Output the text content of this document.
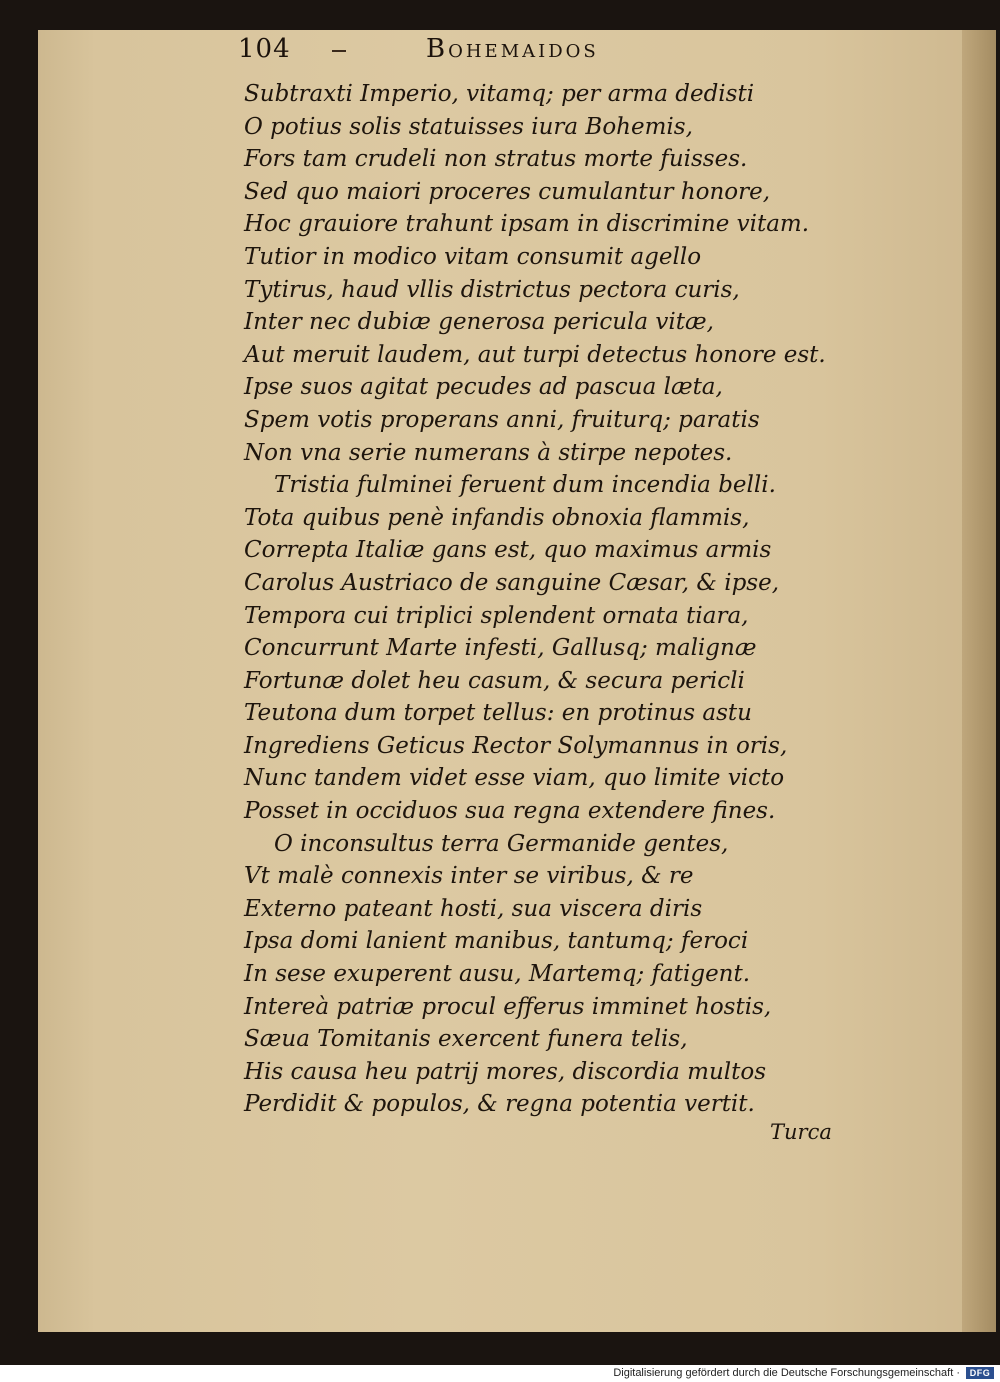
104	Bohemaidos
Subtraxti Imperio, vitamq; per arma dedisti
O potius solis statuisses iura Bohemis,
Fors tam crudeli non stratus morte fuisses.
Sed quo maiori proceres cumulantur honore,
Hoc grauiore trahunt ipsam in discrimine vitam.
Tutior in modico vitam consumit agello
Tytirus, haud vllis districtus pectora curis,
Inter nec dubiæ generosa pericula vitæ,
Aut meruit laudem, aut turpi detectus honore est.
Ipse suos agitat pecudes ad pascua læta,
Spem votis properans anni, fruiturq; paratis
Non vna serie numerans à stirpe nepotes.
Tristia fulminei feruent dum incendia belli.
Tota quibus penè infandis obnoxia flammis,
Correpta Italiæ gans est, quo maximus armis
Carolus Austriaco de sanguine Cæsar, & ipse,
Tempora cui triplici splendent ornata tiara,
Concurrunt Marte infesti, Gallusq; malignæ
Fortunæ dolet heu casum, & secura pericli
Teutona dum torpet tellus: en protinus astu
Ingrediens Geticus Rector Solymannus in oris,
Nunc tandem videt esse viam, quo limite victo
Posset in occiduos sua regna extendere fines.
O inconsultus terra Germanide gentes,
Vt malè connexis inter se viribus, & re
Externo pateant hosti, sua viscera diris
Ipsa domi lanient manibus, tantumq; feroci
In sese exuperent ausu, Martemq; fatigent.
Intereà patriæ procul efferus imminet hostis,
Sæua Tomitanis exercent funera telis,
His causa heu patrij mores, discordia multos
Perdidit & populos, & regna potentia vertit.
Turca
Digitalisierung gefördert durch die Deutsche Forschungsgemeinschaft ·	DFG
